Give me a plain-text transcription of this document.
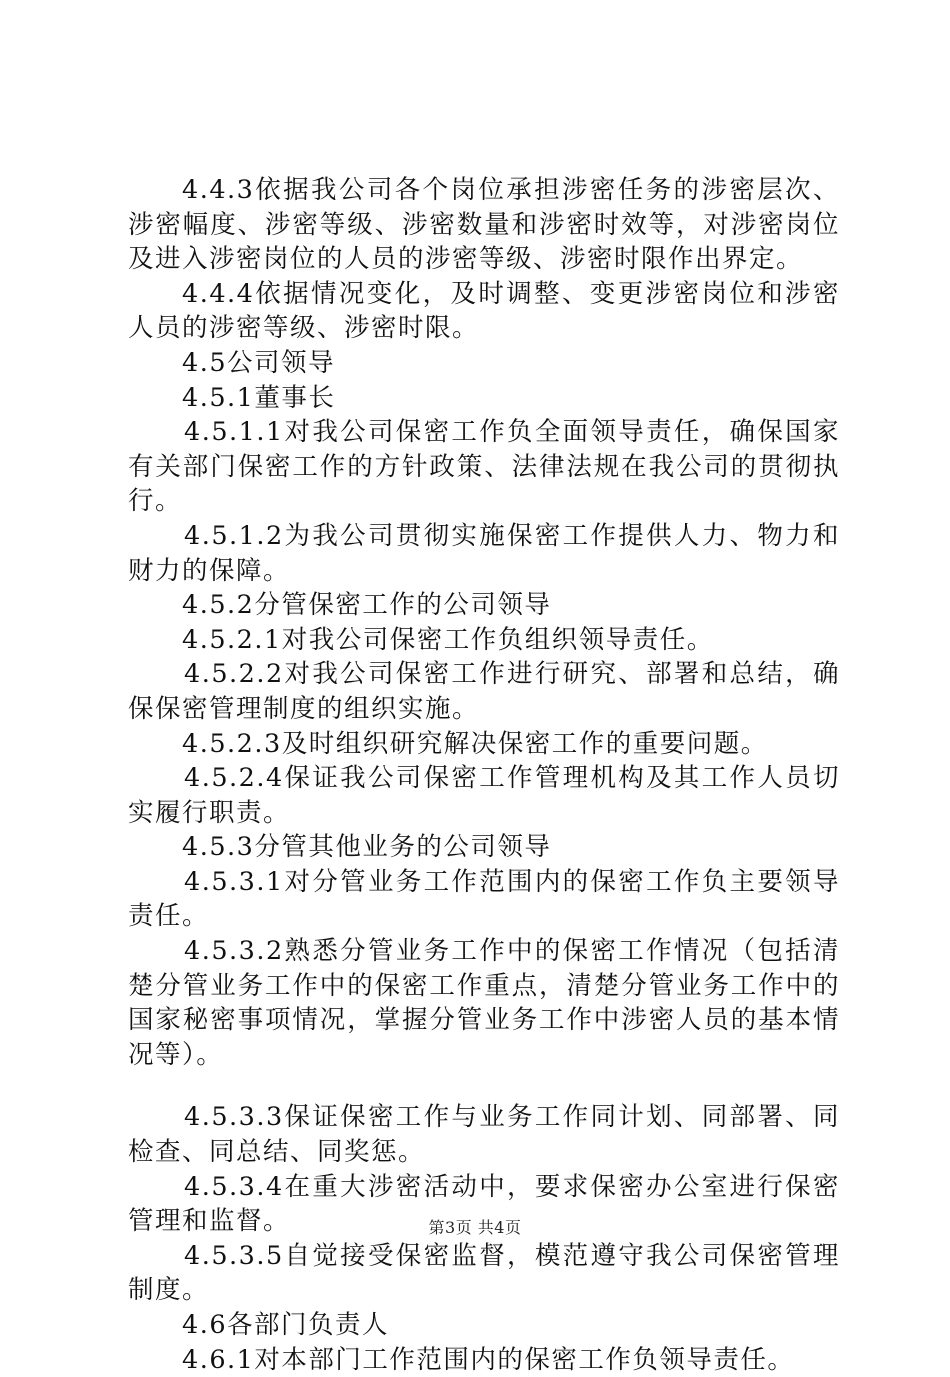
4.4.3依据我公司各个岗位承担涉密任务的涉密层次、涉密幅度、涉密等级、涉密数量和涉密时效等，对涉密岗位及进入涉密岗位的人员的涉密等级、涉密时限作出界定。

4.4.4依据情况变化，及时调整、变更涉密岗位和涉密人员的涉密等级、涉密时限。

4.5公司领导

4.5.1董事长

4.5.1.1对我公司保密工作负全面领导责任，确保国家有关部门保密工作的方针政策、法律法规在我公司的贯彻执行。

4.5.1.2为我公司贯彻实施保密工作提供人力、物力和财力的保障。

4.5.2分管保密工作的公司领导

4.5.2.1对我公司保密工作负组织领导责任。

4.5.2.2对我公司保密工作进行研究、部署和总结，确保保密管理制度的组织实施。

4.5.2.3及时组织研究解决保密工作的重要问题。

4.5.2.4保证我公司保密工作管理机构及其工作人员切实履行职责。

4.5.3分管其他业务的公司领导

4.5.3.1对分管业务工作范围内的保密工作负主要领导责任。

4.5.3.2熟悉分管业务工作中的保密工作情况（包括清楚分管业务工作中的保密工作重点，清楚分管业务工作中的国家秘密事项情况，掌握分管业务工作中涉密人员的基本情况等）。

4.5.3.3保证保密工作与业务工作同计划、同部署、同检查、同总结、同奖惩。

4.5.3.4在重大涉密活动中，要求保密办公室进行保密管理和监督。

4.5.3.5自觉接受保密监督，模范遵守我公司保密管理制度。

4.6各部门负责人

4.6.1对本部门工作范围内的保密工作负领导责任。

第3页 共4页
